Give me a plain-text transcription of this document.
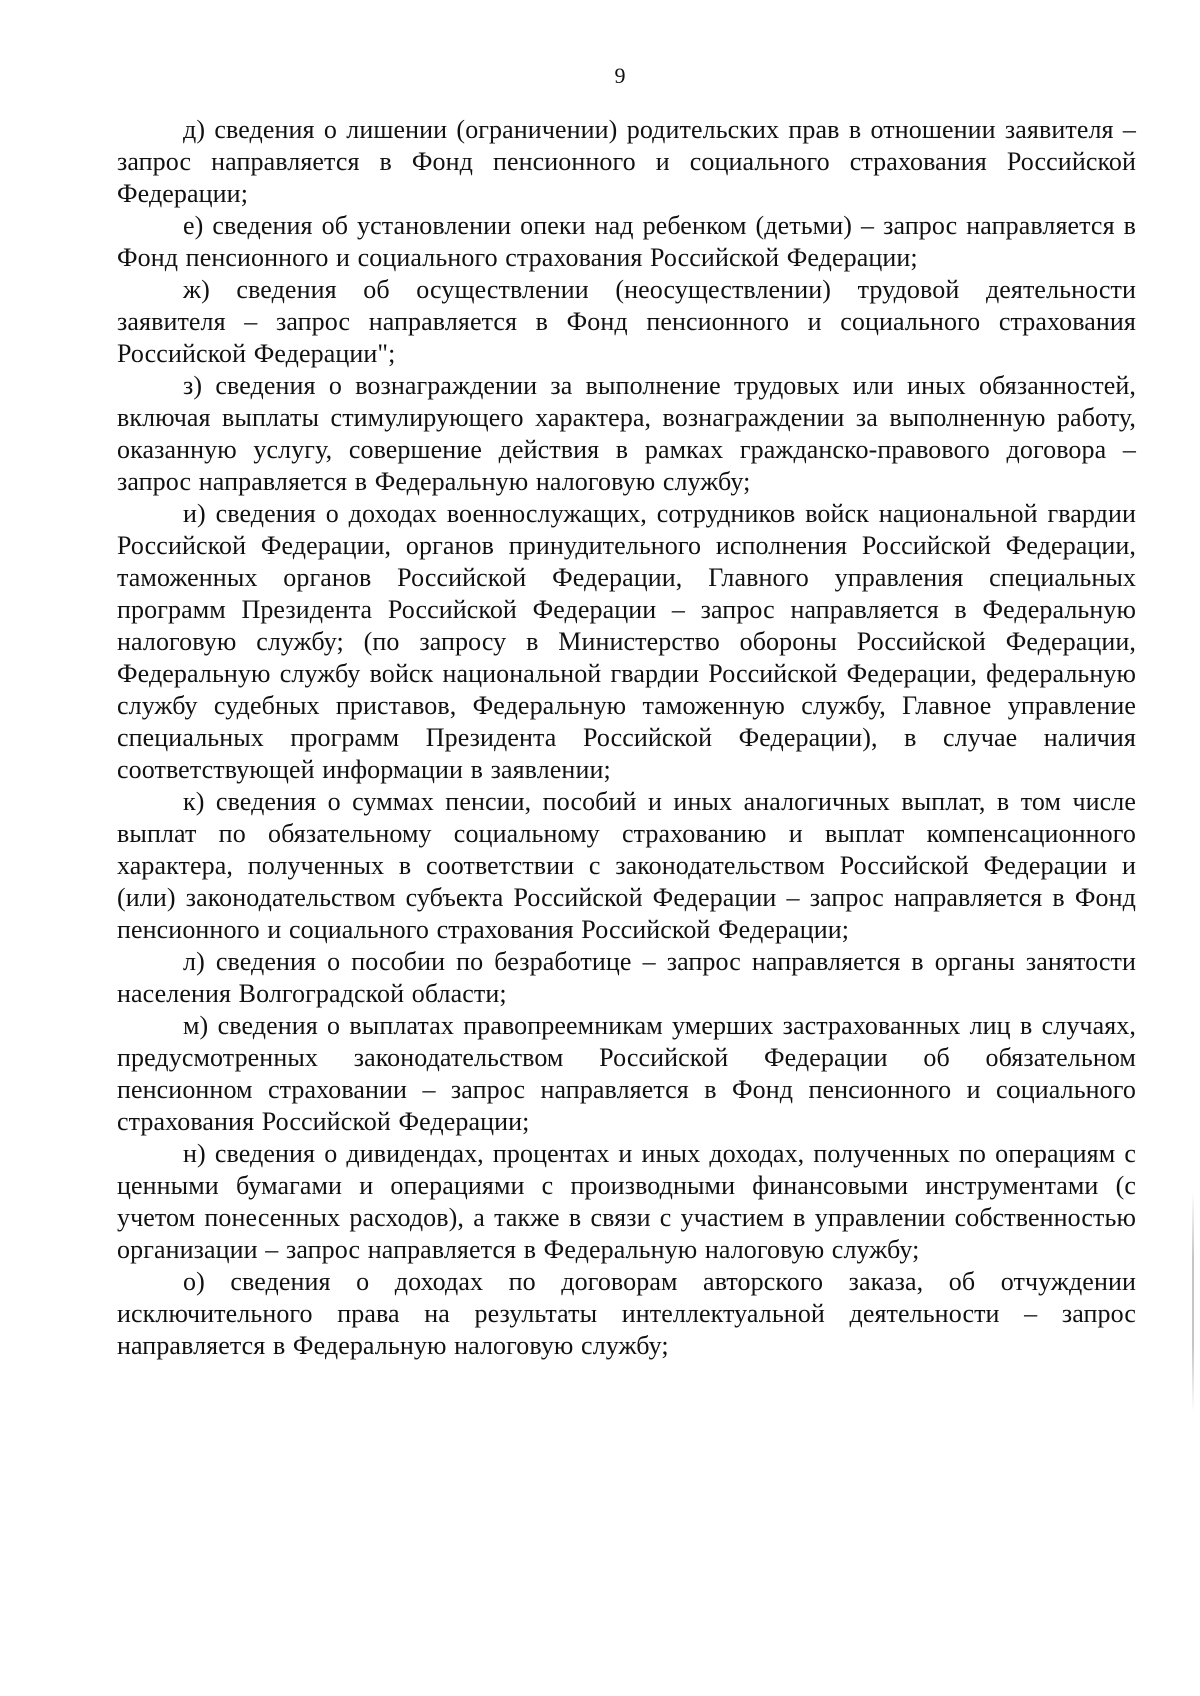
9

д) сведения о лишении (ограничении) родительских прав в отношении заявителя – запрос направляется в Фонд пенсионного и социального страхования Российской Федерации;

е) сведения об установлении опеки над ребенком (детьми) – запрос направляется в Фонд пенсионного и социального страхования Российской Федерации;

ж) сведения об осуществлении (неосуществлении) трудовой деятельности заявителя – запрос направляется в Фонд пенсионного и социального страхования Российской Федерации";

з) сведения о вознаграждении за выполнение трудовых или иных обязанностей, включая выплаты стимулирующего характера, вознаграждении за выполненную работу, оказанную услугу, совершение действия в рамках гражданско-правового договора – запрос направляется в Федеральную налоговую службу;

и) сведения о доходах военнослужащих, сотрудников войск национальной гвардии Российской Федерации, органов принудительного исполнения Российской Федерации, таможенных органов Российской Федерации, Главного управления специальных программ Президента Российской Федерации – запрос направляется в Федеральную налоговую службу; (по запросу в Министерство обороны Российской Федерации, Федеральную службу войск национальной гвардии Российской Федерации, федеральную службу судебных приставов, Федеральную таможенную службу, Главное управление специальных программ Президента Российской Федерации), в случае наличия соответствующей информации в заявлении;

к) сведения о суммах пенсии, пособий и иных аналогичных выплат, в том числе выплат по обязательному социальному страхованию и выплат компенсационного характера, полученных в соответствии с законодательством Российской Федерации и (или) законодательством субъекта Российской Федерации – запрос направляется в Фонд пенсионного и социального страхования Российской Федерации;

л) сведения о пособии по безработице – запрос направляется в органы занятости населения Волгоградской области;

м) сведения о выплатах правопреемникам умерших застрахованных лиц в случаях, предусмотренных законодательством Российской Федерации об обязательном пенсионном страховании – запрос направляется в Фонд пенсионного и социального страхования Российской Федерации;

н) сведения о дивидендах, процентах и иных доходах, полученных по операциям с ценными бумагами и операциями с производными финансовыми инструментами (с учетом понесенных расходов), а также в связи с участием в управлении собственностью организации – запрос направляется в Федеральную налоговую службу;

о) сведения о доходах по договорам авторского заказа, об отчуждении исключительного права на результаты интеллектуальной деятельности – запрос направляется в Федеральную налоговую службу;
